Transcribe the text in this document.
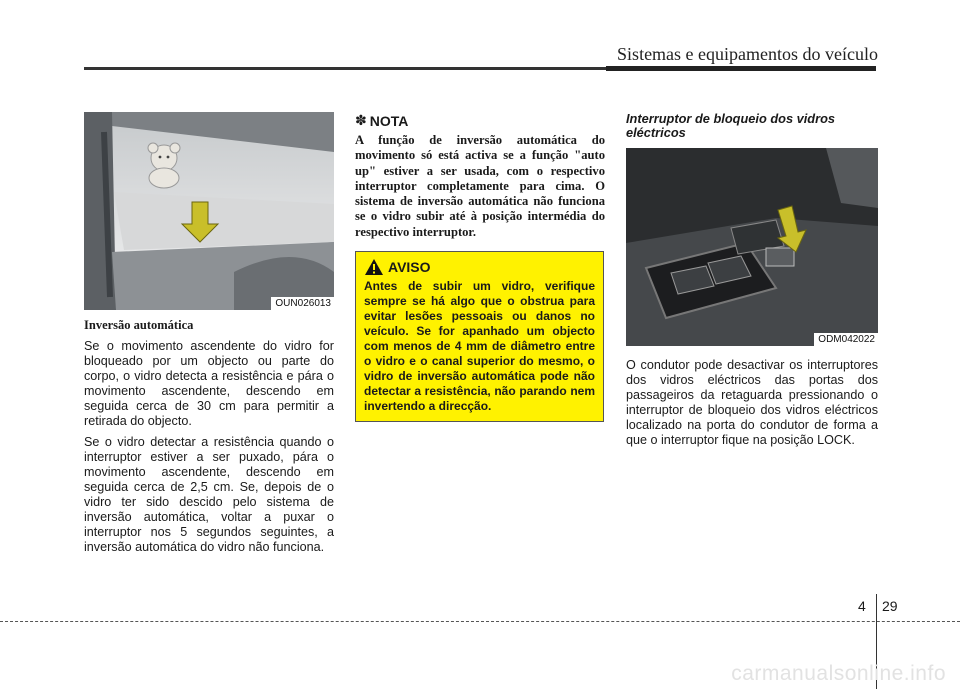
Sistemas e equipamentos do veículo
OUN026013
Inversão automática

Se o movimento ascendente do vidro for bloqueado por um objecto ou parte do corpo, o vidro detecta a resistência e pára o movimento ascendente, descendo em seguida cerca de 30 cm para permitir a retirada do objecto.

Se o vidro detectar a resistência quando o interruptor estiver a ser puxado, pára o movimento ascendente, descendo em seguida cerca de 2,5 cm. Se, depois de o vidro ter sido descido pelo sistema de inversão automática, voltar a puxar o interruptor nos 5 segundos seguintes, a inversão automática do vidro não funciona.

✽ NOTA

A função de inversão automática do movimento só está activa se a função "auto up" estiver a ser usada, com o respectivo interruptor completamente para cima. O sistema de inversão automática não funciona se o vidro subir até à posição intermédia do respectivo interruptor.

AVISO

Antes de subir um vidro, verifique sempre se há algo que o obstrua para evitar lesões pessoais ou danos no veículo. Se for apanhado um objecto com menos de 4 mm de diâmetro entre o vidro e o canal superior do mesmo, o vidro de inversão automática pode não detectar a resistência, não parando nem invertendo a direcção.

Interruptor de bloqueio dos vidros eléctricos
ODM042022

O condutor pode desactivar os interruptores dos vidros eléctricos das portas dos passageiros da retaguarda pressionando o interruptor de bloqueio dos vidros eléctricos localizado na porta do condutor de forma a que o interruptor fique na posição LOCK.

4 29
carmanualsonline.info
